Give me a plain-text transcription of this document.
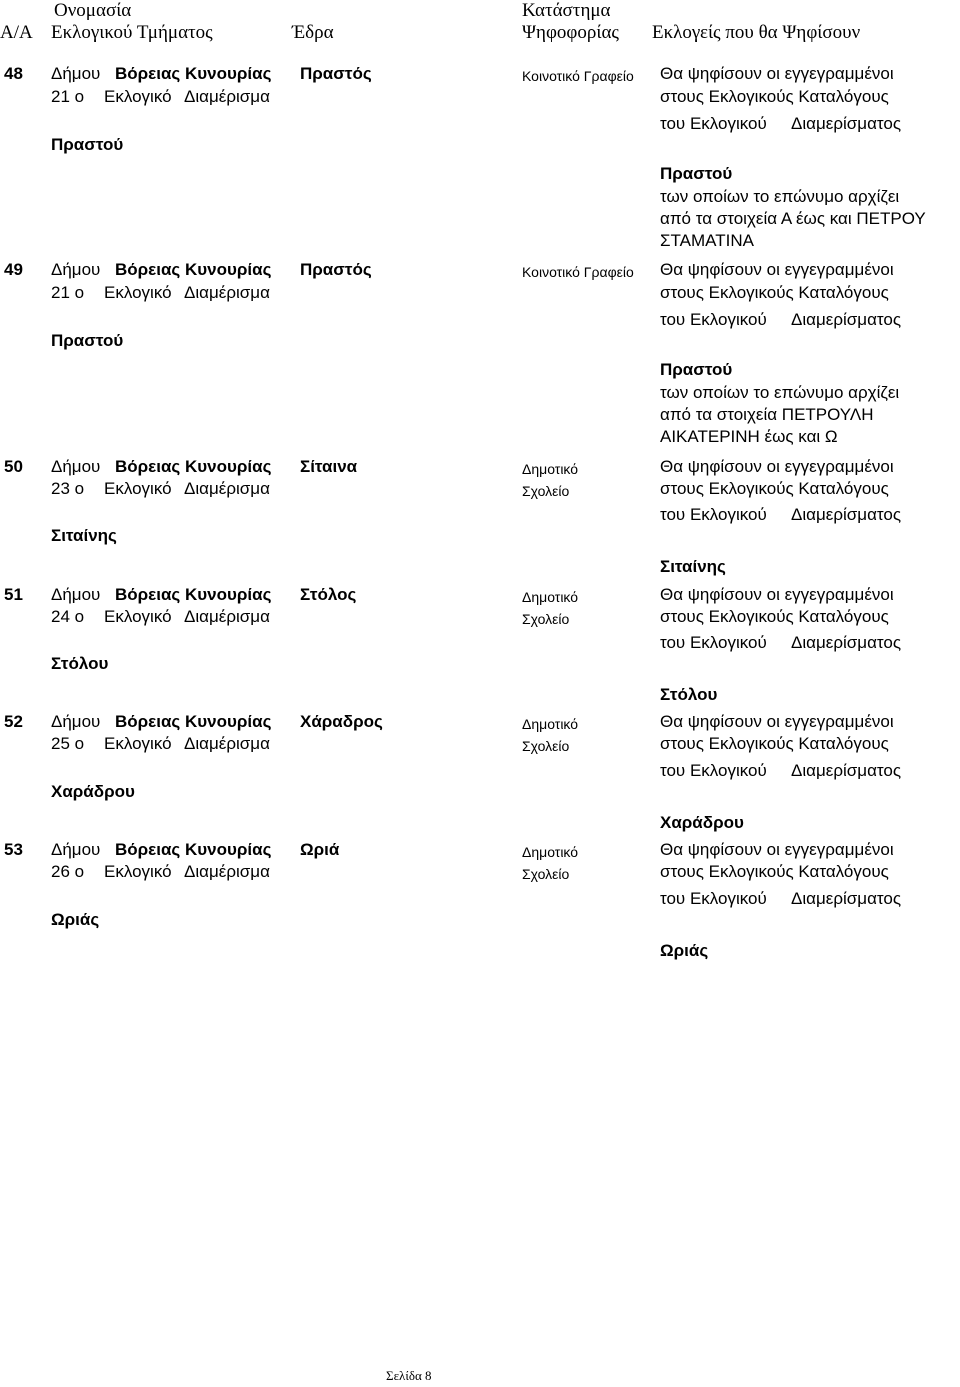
Ονομασία
Α/Α Εκλογικού Τμήματος	Έδρα
Κατάστημα
Ψηφοφορίας Εκλογείς που θα Ψηφίσουν
48 Δήμου Βόρειας Κυνουρίας Πραστός
21 ο Εκλογικό Διαμέρισμα
Πραστού
Κοινοτικό Γραφείο Θα ψηφίσουν οι εγγεγραμμένοι
στους Εκλογικούς Καταλόγους
του Εκλογικού Διαμερίσματος
Πραστού
των οποίων το επώνυμο αρχίζει
από τα στοιχεία Α έως και ΠΕΤΡΟΥ
ΣΤΑΜΑΤΙΝΑ
49 Δήμου Βόρειας Κυνουρίας Πραστός
21 ο Εκλογικό Διαμέρισμα
Πραστού
Κοινοτικό Γραφείο Θα ψηφίσουν οι εγγεγραμμένοι
στους Εκλογικούς Καταλόγους
του Εκλογικού Διαμερίσματος
Πραστού
των οποίων το επώνυμο αρχίζει
από τα στοιχεία ΠΕΤΡΟΥΛΗ
ΑΙΚΑΤΕΡΙΝΗ έως και Ω
50 Δήμου Βόρειας Κυνουρίας Σίταινα
23 ο Εκλογικό Διαμέρισμα
Σιταίνης
Δημοτικό
Σχολείο
Θα ψηφίσουν οι εγγεγραμμένοι
στους Εκλογικούς Καταλόγους
του Εκλογικού Διαμερίσματος
Σιταίνης
51 Δήμου Βόρειας Κυνουρίας Στόλος
24 ο Εκλογικό Διαμέρισμα
Στόλου
Δημοτικό
Σχολείο
Θα ψηφίσουν οι εγγεγραμμένοι
στους Εκλογικούς Καταλόγους
του Εκλογικού Διαμερίσματος
Στόλου
52 Δήμου Βόρειας Κυνουρίας Χάραδρος
25 ο Εκλογικό Διαμέρισμα
Χαράδρου
Δημοτικό
Σχολείο
Θα ψηφίσουν οι εγγεγραμμένοι
στους Εκλογικούς Καταλόγους
του Εκλογικού Διαμερίσματος
Χαράδρου
53 Δήμου Βόρειας Κυνουρίας Ωριά
26 ο Εκλογικό Διαμέρισμα
Ωριάς
Δημοτικό
Σχολείο
Θα ψηφίσουν οι εγγεγραμμένοι
στους Εκλογικούς Καταλόγους
του Εκλογικού Διαμερίσματος
Ωριάς
Σελίδα 8
